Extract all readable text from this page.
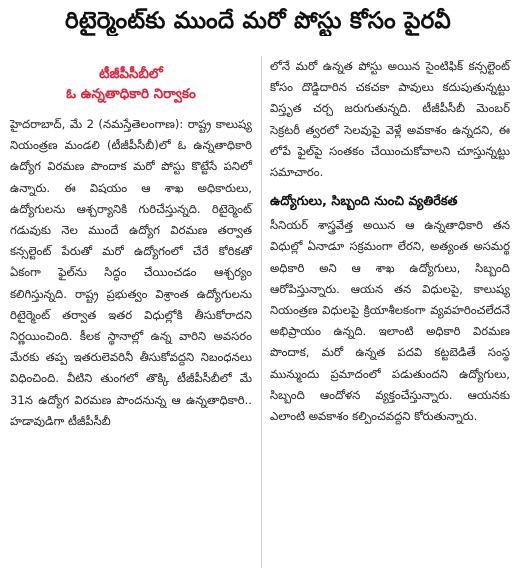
రిటైర్మెంట్‌కు ముందే మరో పోస్టు కోసం పైరవీ

టీజీపీసీబీలో

ఓ ఉన్నతాధికారి నిర్వాకం

హైదరాబాద్, మే 2 (నమస్తేతెలంగాణ): రాష్ట్ర కాలుష్య నియంత్రణ మండలి (టీజీపీసీబీ)లో ఓ ఉన్నతాధికారి ఉద్యోగ విరమణ పొందాక మరో పోస్టు కొట్టేసే పనిలో ఉన్నారు. ఈ విషయం ఆ శాఖ అధికారులు, ఉద్యోగులను ఆశ్చర్యానికి గురిచేస్తున్నది. రిటైర్మెంట్ గడువుకు నెల ముందే ఉద్యోగ విరమణ తర్వాత కన్సల్టెంట్ పేరుతో మరో ఉద్యోగంలో చేరే కోరికతో ఏకంగా ఫైల్‌ను సిద్ధం చేయించడం ఆశ్చర్యం కలిగిస్తున్నది. రాష్ట్ర ప్రభుత్వం విశ్రాంత ఉద్యోగులను రిటైర్మెంట్ తర్వాత ఇతర విధుల్లోకి తీసుకోరాదని నిర్ణయించింది. కీలక స్థానాల్లో ఉన్న వారిని అవసరం మేరకు తప్ప ఇతరులెవరినీ తీసుకోవద్దని నిబంధనలు విధించింది. వీటిని తుంగలో తొక్కి టీజీపీసీబీలో మే 31న ఉద్యోగ విరమణ పొందనున్న ఆ ఉన్నతాధికారి.. హడావుడిగా టీజీపీసీబీ

లోనే మరో ఉన్నత పోస్టు అయిన సైంటిఫిక్ కన్సల్టెంట్ కోసం దొడ్డిదారిన చకచకా పావులు కదుపుతున్నట్టు విస్తృత చర్చ జరుగుతున్నది. టీజీపీసీబీ మెంబర్ సెక్రటరీ త్వరలో సెలవుపై వెళ్లే అవకాశం ఉన్నదని, ఈ లోపే ఫైల్‌పై సంతకం చేయించుకోవాలని చూస్తున్నట్టు సమాచారం.

ఉద్యోగులు, సిబ్బంది నుంచి వ్యతిరేకత

సీనియర్ శాస్త్రవేత్త అయిన ఆ ఉన్నతాధికారి తన విధుల్లో ఏనాడూ సక్రమంగా లేరని, అత్యంత అసమర్థ అధికారి అని ఆ శాఖ ఉద్యోగులు, సిబ్బంది ఆరోపిస్తున్నారు. ఆయన తన విధులపై, కాలుష్య నియంత్రణ విధులపై క్రియాశీలకంగా వ్యవహరించలేదనే అభిప్రాయం ఉన్నది. ఇలాంటి అధికారి విరమణ పొందాక, మరో ఉన్నత పదవి కట్టబెడితే సంస్థ మున్ముందు ప్రమాదంలో పడుతుందని ఉద్యోగులు, సిబ్బంది ఆందోళన వ్యక్తంచేస్తున్నారు. ఆయనకు ఎలాంటి అవకాశం కల్పించవద్దని కోరుతున్నారు.
